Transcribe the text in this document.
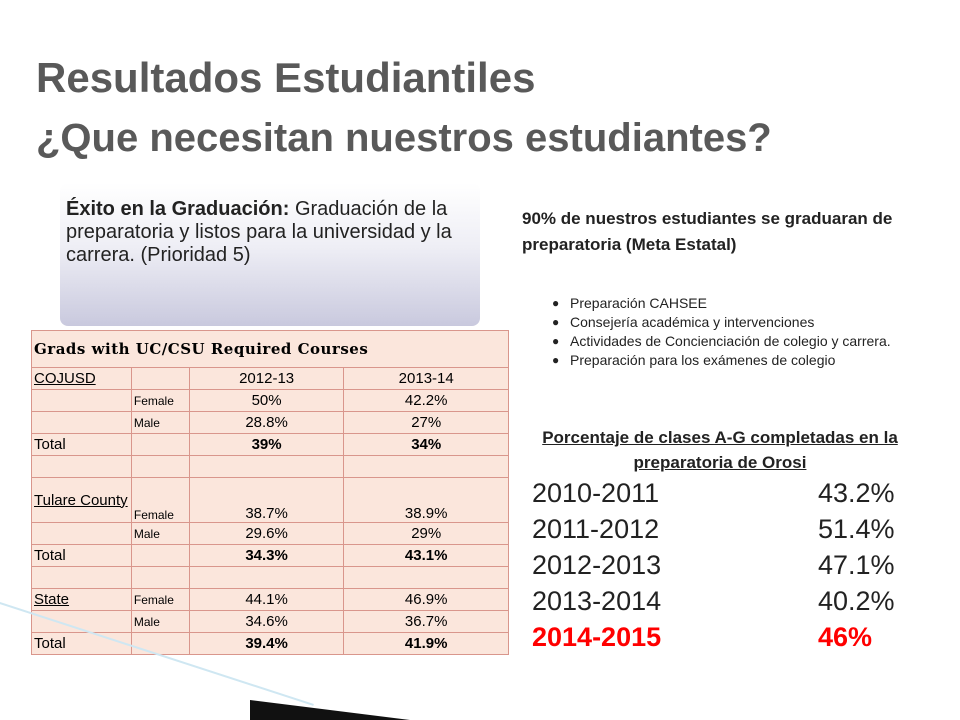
Resultados Estudiantiles
¿Que necesitan nuestros estudiantes?
Éxito en la Graduación: Graduación de la preparatoria y listos para la universidad y la carrera. (Prioridad 5)
90% de nuestros estudiantes se graduaran de preparatoria (Meta Estatal)
● Preparación CAHSEE
● Consejería académica y intervenciones
● Actividades de Concienciación de colegio y carrera.
● Preparación para los exámenes de colegio
Porcentaje de clases A-G completadas en la preparatoria de Orosi
2010-2011	43.2%
2011-2012	51.4%
2012-2013	47.1%
2013-2014	40.2%
2014-2015	46%
Grads with UC/CSU Required Courses			
COJUSD		2012-13	2013-14
	Female	50%	42.2%
	Male	28.8%	27%
Total		39%	34%

Tulare County	Female	38.7%	38.9%
	Male	29.6%	29%
Total		34.3%	43.1%

State	Female	44.1%	46.9%
	Male	34.6%	36.7%
Total		39.4%	41.9%
